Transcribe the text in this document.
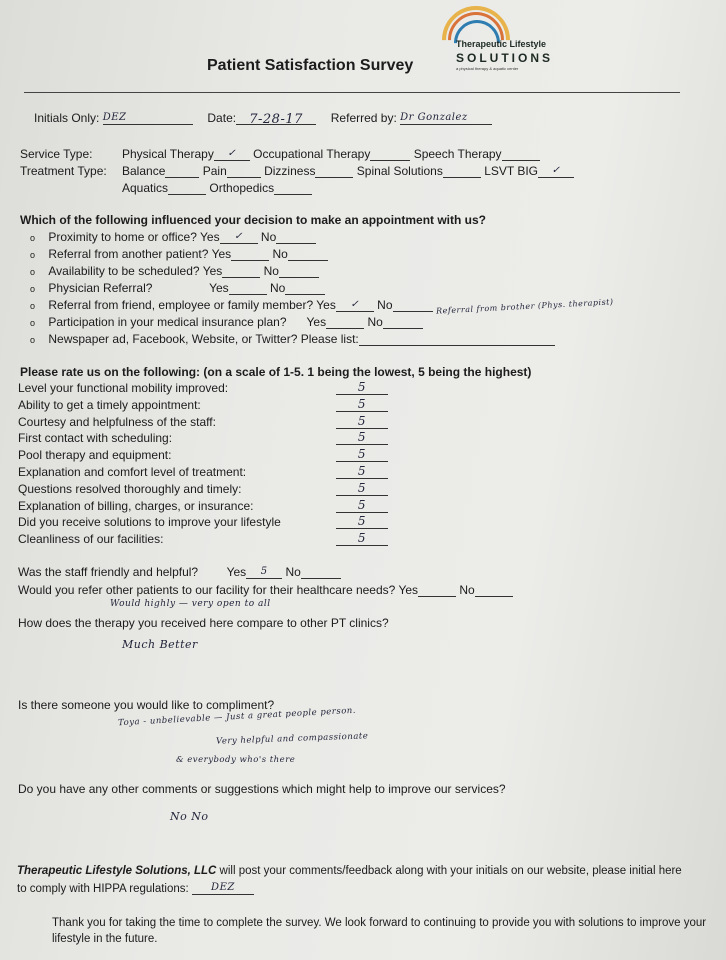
Therapeutic Lifestyle
SOLUTIONS
a physical therapy & aquatic center
Patient Satisfaction Survey
Initials Only: DEZ	Date: 7-28-17 Referred by: Dr Gonzalez
Service Type: Physical Therapy ✓ Occupational Therapy	Speech Therapy
Treatment Type: Balance	Pain	Dizziness	Spinal Solutions	LSVT BIG ✓
Aquatics	Orthopedics
Which of the following influenced your decision to make an appointment with us?
o Proximity to home or office? Yes ✓ No
o Referral from another patient? Yes	No
o Availability to be scheduled? Yes	No
o Physician Referral?	Yes	No
o Referral from friend, employee or family member? Yes ✓ No	Referral from brother (Phys. therapist)
o Participation in your medical insurance plan? Yes	No
o Newspaper ad, Facebook, Website, or Twitter? Please list:
Please rate us on the following: (on a scale of 1-5. 1 being the lowest, 5 being the highest)
Level your functional mobility improved:	5
Ability to get a timely appointment:	5
Courtesy and helpfulness of the staff:	5
First contact with scheduling:	5
Pool therapy and equipment:	5
Explanation and comfort level of treatment:	5
Questions resolved thoroughly and timely:	5
Explanation of billing, charges, or insurance:	5
Did you receive solutions to improve your lifestyle	5
Cleanliness of our facilities:	5
Was the staff friendly and helpful? Yes 5 No
Would you refer other patients to our facility for their healthcare needs? Yes	No
Would highly — very open to all
How does the therapy you received here compare to other PT clinics?
Much Better
Is there someone you would like to compliment?
Toya - unbelievable — Just a great people person.
Very helpful and compassionate
& everybody who's there
Do you have any other comments or suggestions which might help to improve our services?
No No
Therapeutic Lifestyle Solutions, LLC will post your comments/feedback along with your initials on our website, please initial here
to comply with HIPPA regulations: DEZ
Thank you for taking the time to complete the survey. We look forward to continuing to provide you with solutions to improve your lifestyle in the future.
